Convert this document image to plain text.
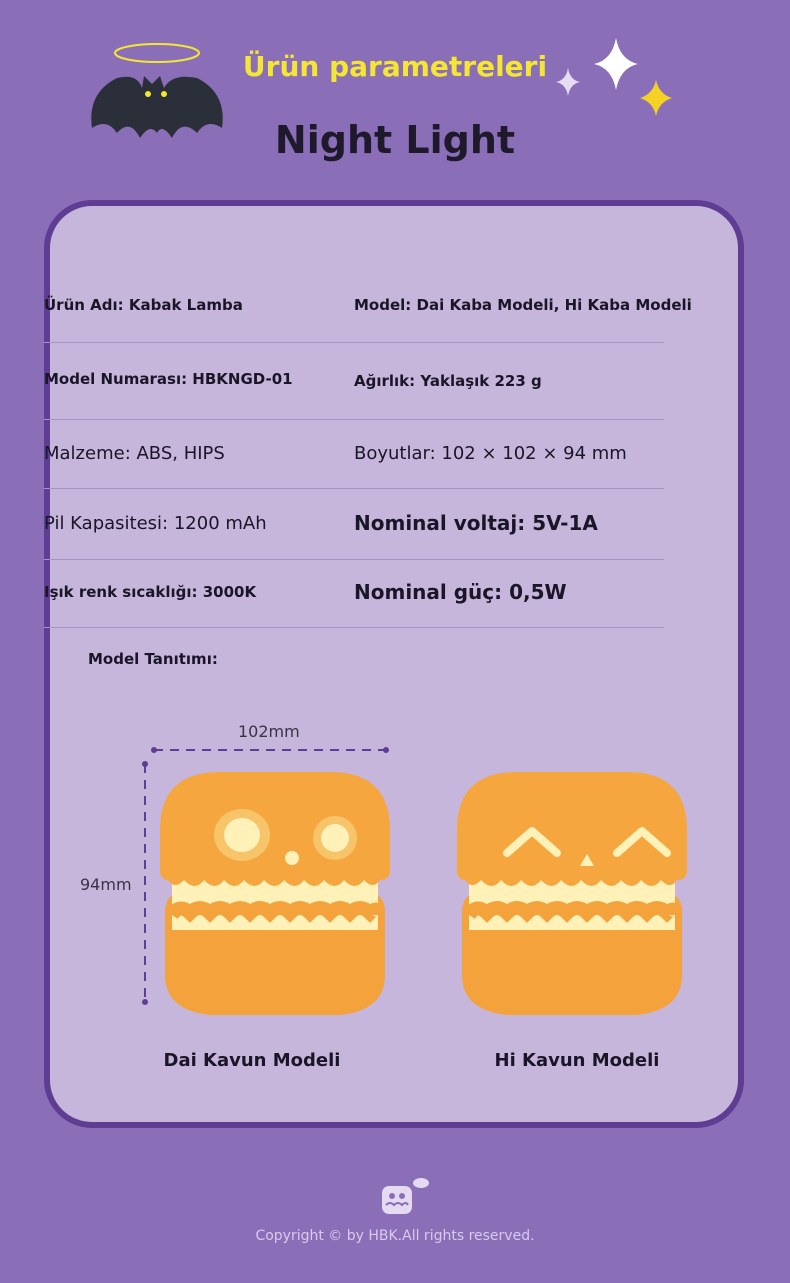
Ürün parametreleri
Night Light
Ürün Adı: Kabak Lamba	Model: Dai Kaba Modeli, Hi Kaba Modeli
Model Numarası: HBKNGD-01	Ağırlık: Yaklaşık 223 g
Malzeme: ABS, HIPS	Boyutlar: 102 × 102 × 94 mm
Pil Kapasitesi: 1200 mAh	Nominal voltaj: 5V-1A
Işık renk sıcaklığı: 3000K	Nominal güç: 0,5W
Model Tanıtımı:
102mm
94mm
Dai Kavun Modeli	Hi Kavun Modeli
Copyright © by HBK.All rights reserved.
